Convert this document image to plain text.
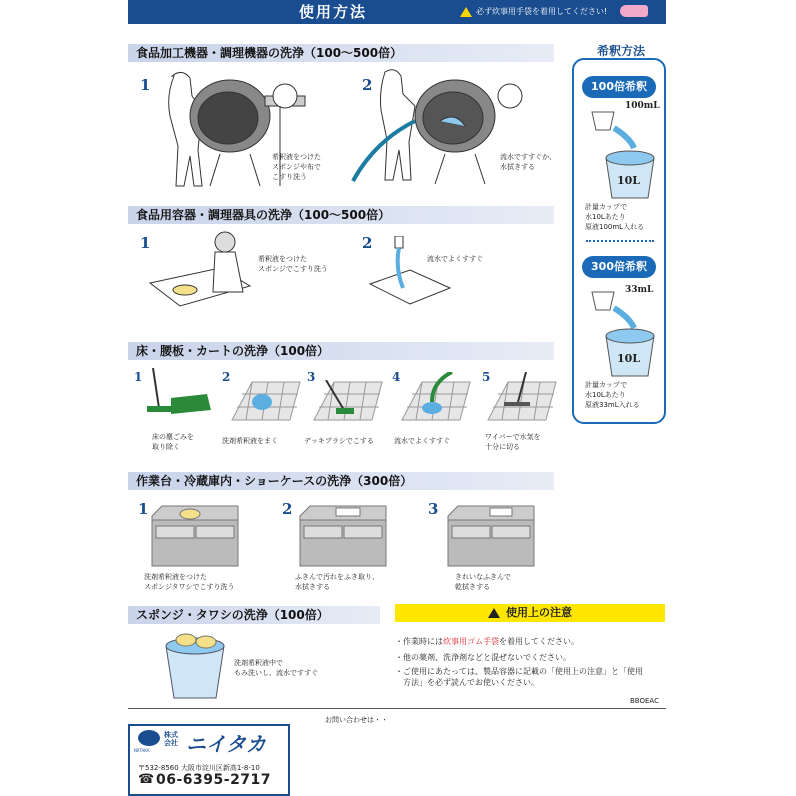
使用方法	必ず炊事用手袋を着用してください!
食品加工機器・調理機器の洗浄（100〜500倍）
1	2
希釈液をつけた
スポンジや布で
こすり洗う
流水ですすぐか、
水拭きする
食品用容器・調理器具の洗浄（100〜500倍）
1	2
希釈液をつけた
スポンジでこすり洗う
流水でよくすすぐ
床・腰板・カートの洗浄（100倍）
1	2	3	4	5
床の塵ごみを
取り除く
洗剤希釈液をまく	デッキブラシでこする	流水でよくすすぐ	ワイパーで水気を
十分に切る
作業台・冷蔵庫内・ショーケースの洗浄（300倍）
1	2	3
洗剤希釈液をつけた
スポンジタワシでこすり洗う
ふきんで汚れをふき取り、
水拭きする
きれいなふきんで
乾拭きする
スポンジ・タワシの洗浄（100倍）
洗剤希釈液中で
もみ洗いし、流水ですすぐ
希釈方法
100倍希釈
100mL
10L
計量カップで
水10Lあたり
原液100mL入れる
300倍希釈
33mL
10L
計量カップで
水10Lあたり
原液33mL入れる
使用上の注意
・作業時には炊事用ゴム手袋を着用してください。
・他の薬剤、洗浄剤などと混ぜないでください。
・ご使用にあたっては、製品容器に記載の「使用上の注意」と「使用
　方法」を必ず読んでお使いください。
BBOEAC
お問い合わせは・・
NIITAKA
株式
会社 ニイタカ
〒532-8560 大阪市淀川区新高1-8-10
☎ 06-6395-2717
